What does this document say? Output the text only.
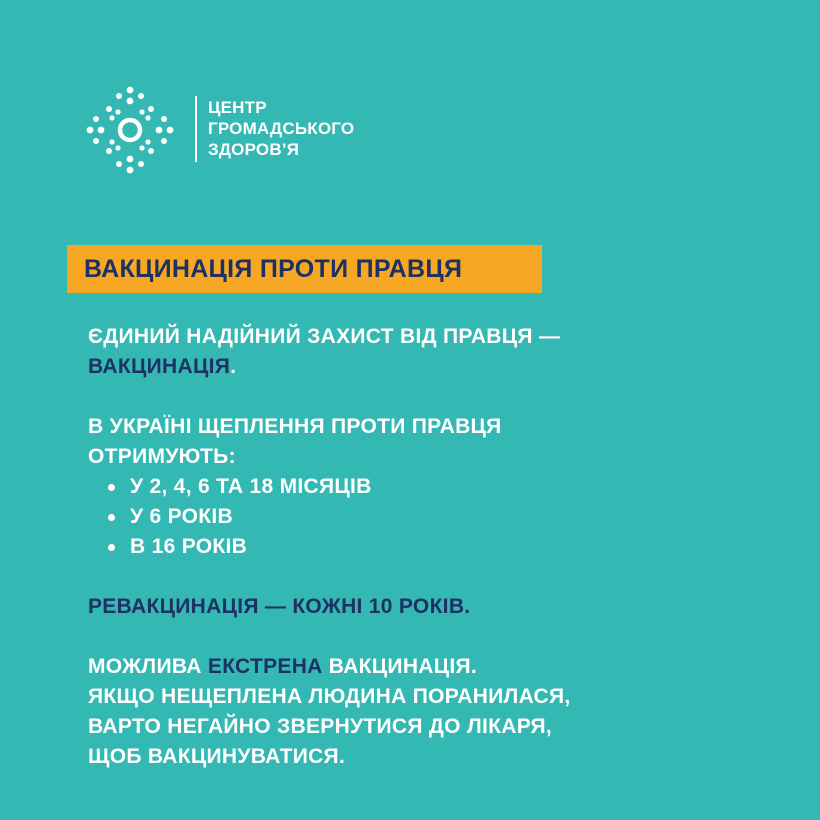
ЦЕНТР
ГРОМАДСЬКОГО
ЗДОРОВ’Я
ВАКЦИНАЦІЯ ПРОТИ ПРАВЦЯ

ЄДИНИЙ НАДІЙНИЙ ЗАХИСТ ВІД ПРАВЦЯ —

ВАКЦИНАЦІЯ.

В УКРАЇНІ ЩЕПЛЕННЯ ПРОТИ ПРАВЦЯ

ОТРИМУЮТЬ:

У 2, 4, 6 ТА 18 МІСЯЦІВ
У 6 РОКІВ
В 16 РОКІВ

РЕВАКЦИНАЦІЯ — КОЖНІ 10 РОКІВ.

МОЖЛИВА ЕКСТРЕНА ВАКЦИНАЦІЯ.

ЯКЩО НЕЩЕПЛЕНА ЛЮДИНА ПОРАНИЛАСЯ,

ВАРТО НЕГАЙНО ЗВЕРНУТИСЯ ДО ЛІКАРЯ,

ЩОБ ВАКЦИНУВАТИСЯ.
